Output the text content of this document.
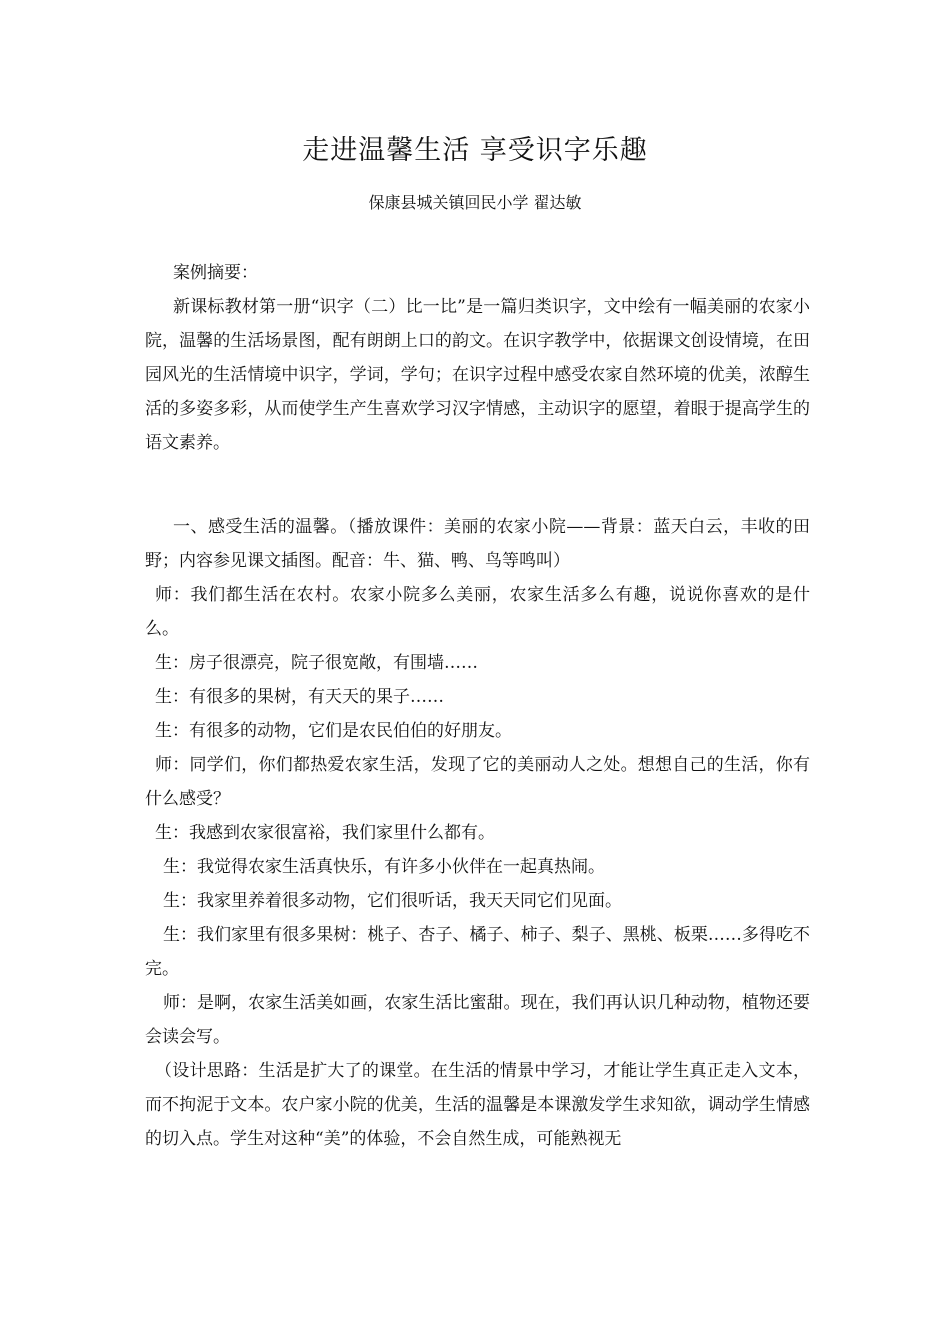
走进温馨生活 享受识字乐趣
保康县城关镇回民小学 翟达敏

案例摘要：

新课标教材第一册“识字（二）比一比”是一篇归类识字，文中绘有一幅美丽的农家小院，温馨的生活场景图，配有朗朗上口的韵文。在识字教学中，依据课文创设情境，在田园风光的生活情境中识字，学词，学句；在识字过程中感受农家自然环境的优美，浓醇生活的多姿多彩，从而使学生产生喜欢学习汉字情感，主动识字的愿望，着眼于提高学生的语文素养。

一、感受生活的温馨。（播放课件：美丽的农家小院——背景：蓝天白云，丰收的田野；内容参见课文插图。配音：牛、猫、鸭、鸟等鸣叫）

师：我们都生活在农村。农家小院多么美丽，农家生活多么有趣，说说你喜欢的是什么。

生：房子很漂亮，院子很宽敞，有围墙……

生：有很多的果树，有天天的果子……

生：有很多的动物，它们是农民伯伯的好朋友。

师：同学们，你们都热爱农家生活，发现了它的美丽动人之处。想想自己的生活，你有什么感受？

生：我感到农家很富裕，我们家里什么都有。

生：我觉得农家生活真快乐，有许多小伙伴在一起真热闹。

生：我家里养着很多动物，它们很听话，我天天同它们见面。

生：我们家里有很多果树：桃子、杏子、橘子、柿子、梨子、黑桃、板栗……多得吃不完。

师：是啊，农家生活美如画，农家生活比蜜甜。现在，我们再认识几种动物，植物还要会读会写。

（设计思路：生活是扩大了的课堂。在生活的情景中学习，才能让学生真正走入文本，而不拘泥于文本。农户家小院的优美，生活的温馨是本课激发学生求知欲，调动学生情感的切入点。学生对这种“美”的体验，不会自然生成，可能熟视无
